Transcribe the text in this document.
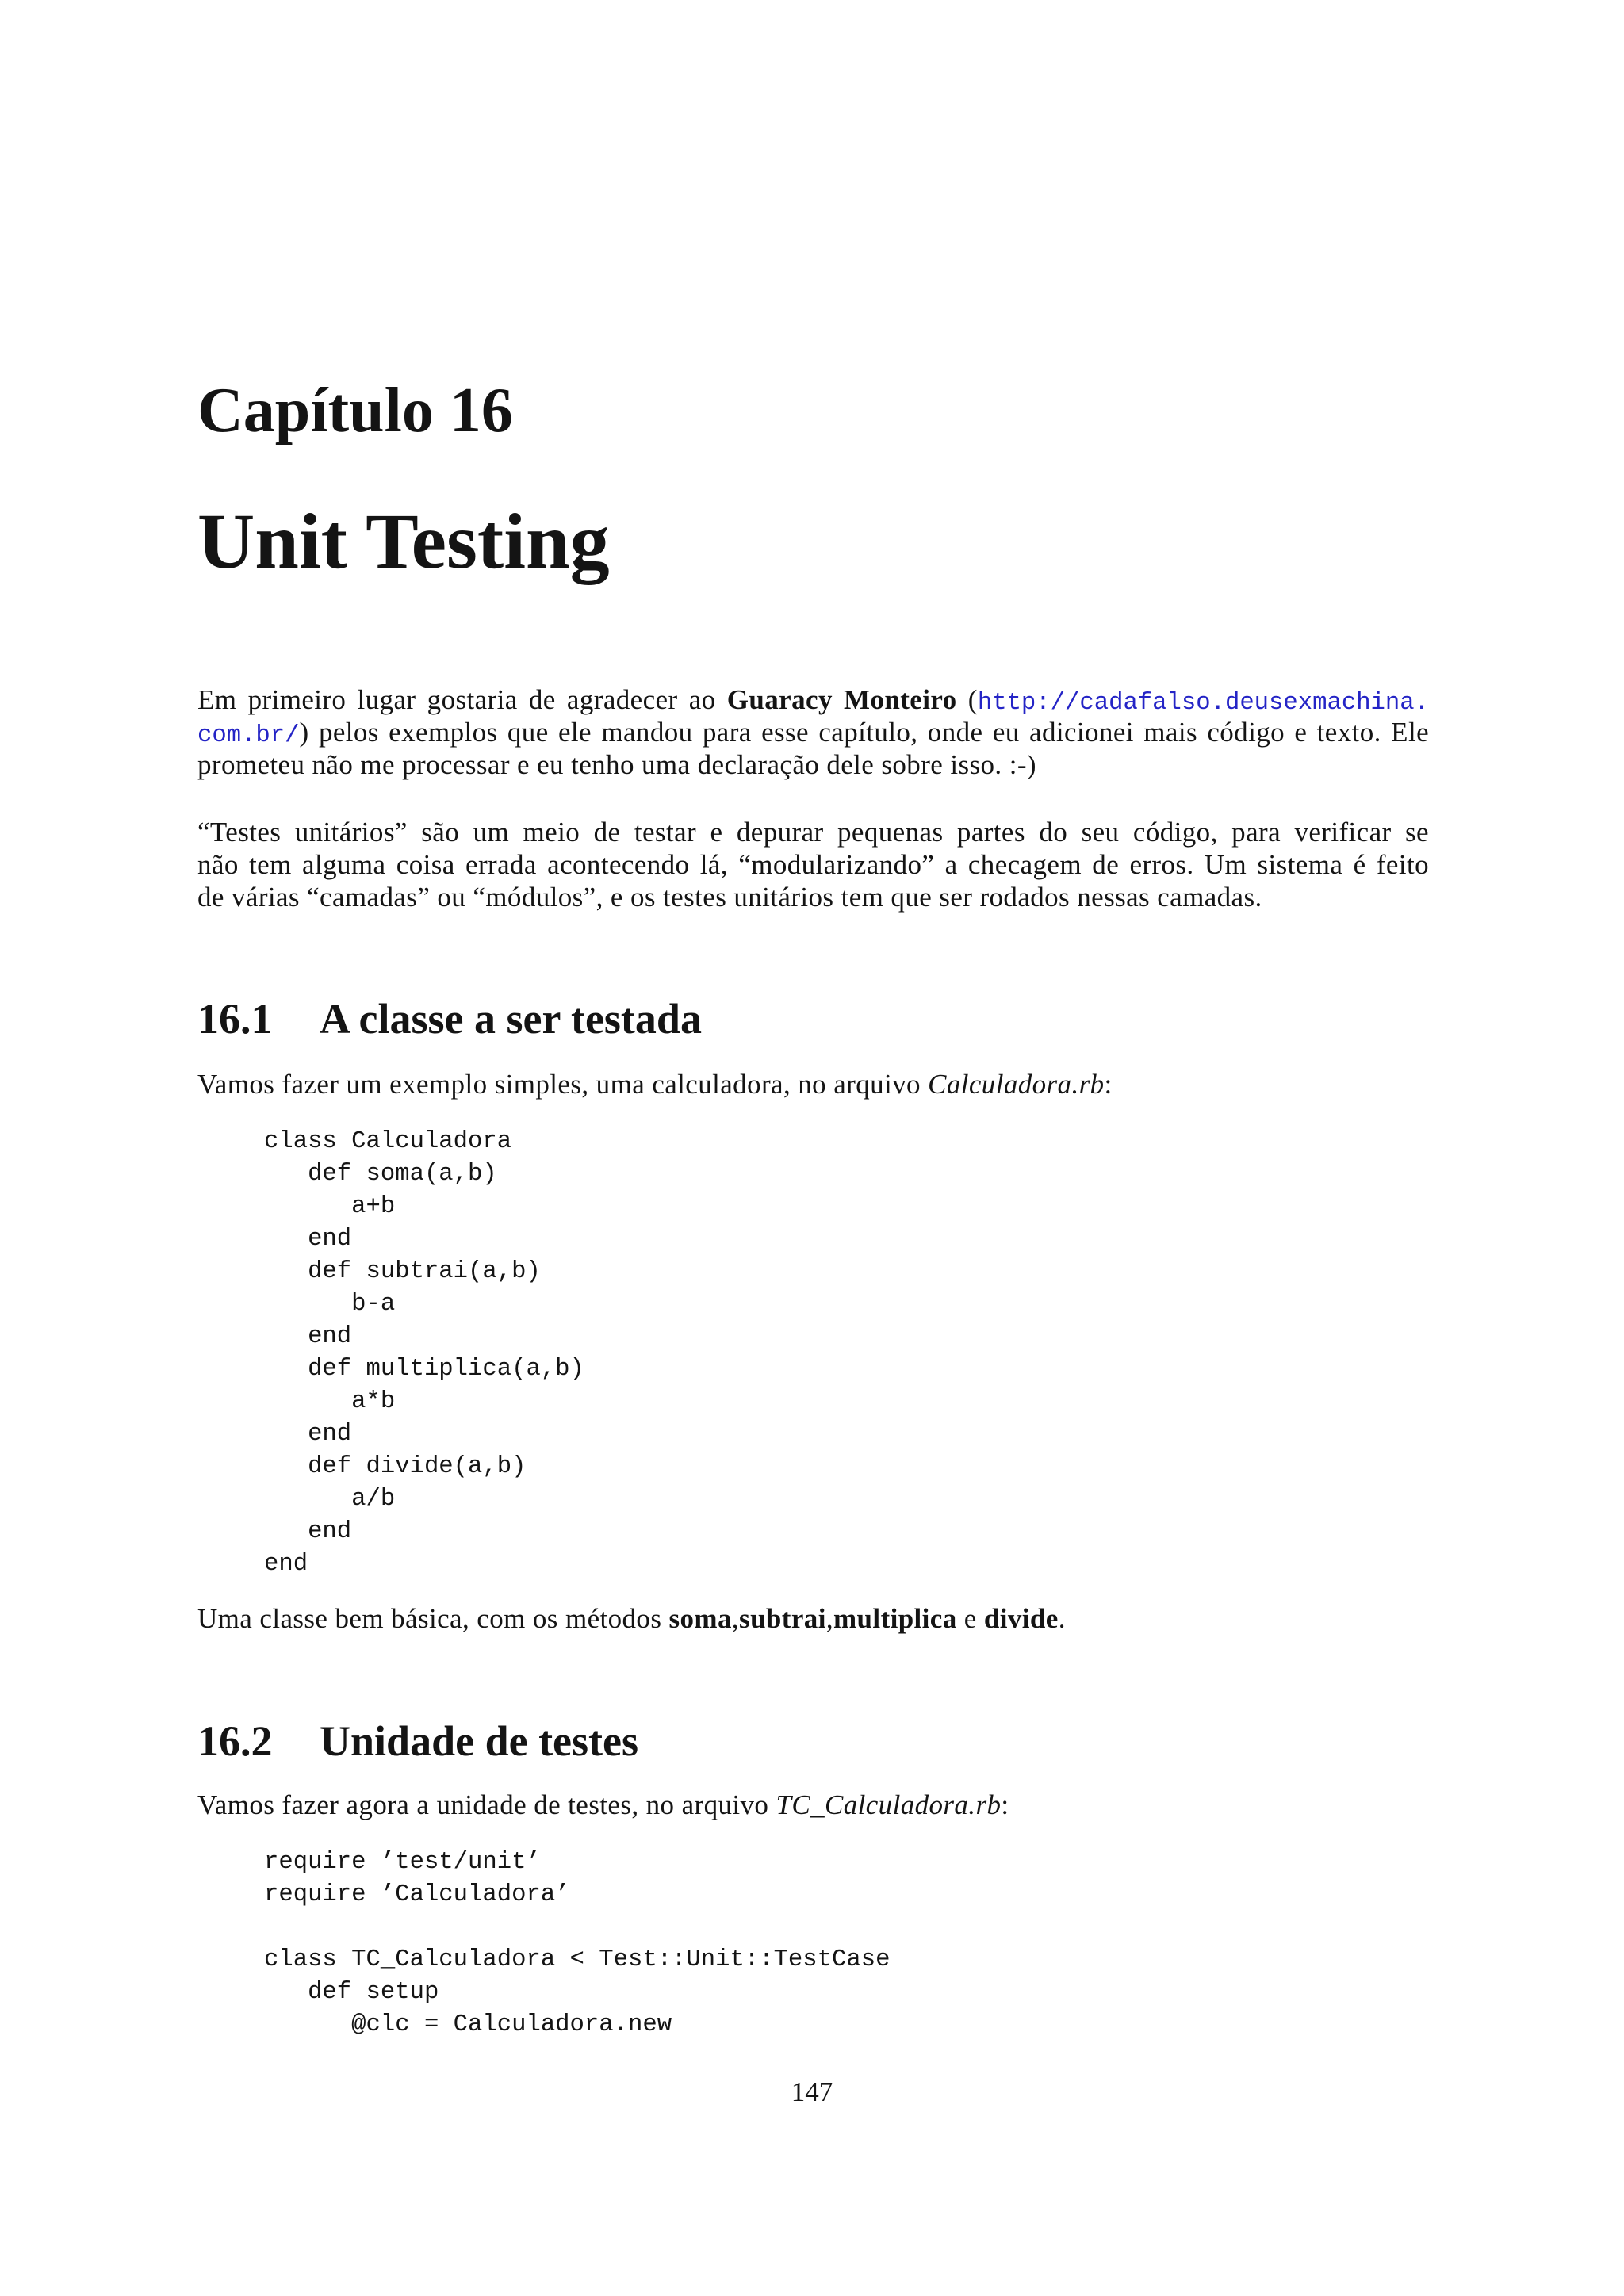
Capítulo 16
Unit Testing
Em primeiro lugar gostaria de agradecer ao Guaracy Monteiro (http://cadafalso.deusexmachina.
com.br/) pelos exemplos que ele mandou para esse capítulo, onde eu adicionei mais código e texto. Ele
prometeu não me processar e eu tenho uma declaração dele sobre isso. :-)
“Testes unitários” são um meio de testar e depurar pequenas partes do seu código, para verificar se
não tem alguma coisa errada acontecendo lá, “modularizando” a checagem de erros. Um sistema é feito
de várias “camadas” ou “módulos”, e os testes unitários tem que ser rodados nessas camadas.
16.1 A classe a ser testada
Vamos fazer um exemplo simples, uma calculadora, no arquivo Calculadora.rb:
class Calculadora
def soma(a,b)
a+b
end
def subtrai(a,b)
b-a
end
def multiplica(a,b)
a*b
end
def divide(a,b)
a/b
end
end
Uma classe bem básica, com os métodos soma,subtrai,multiplica e divide.
16.2 Unidade de testes
Vamos fazer agora a unidade de testes, no arquivo TC_Calculadora.rb:
require ’test/unit’
require ’Calculadora’
class TC_Calculadora < Test::Unit::TestCase
def setup
@clc = Calculadora.new
147
